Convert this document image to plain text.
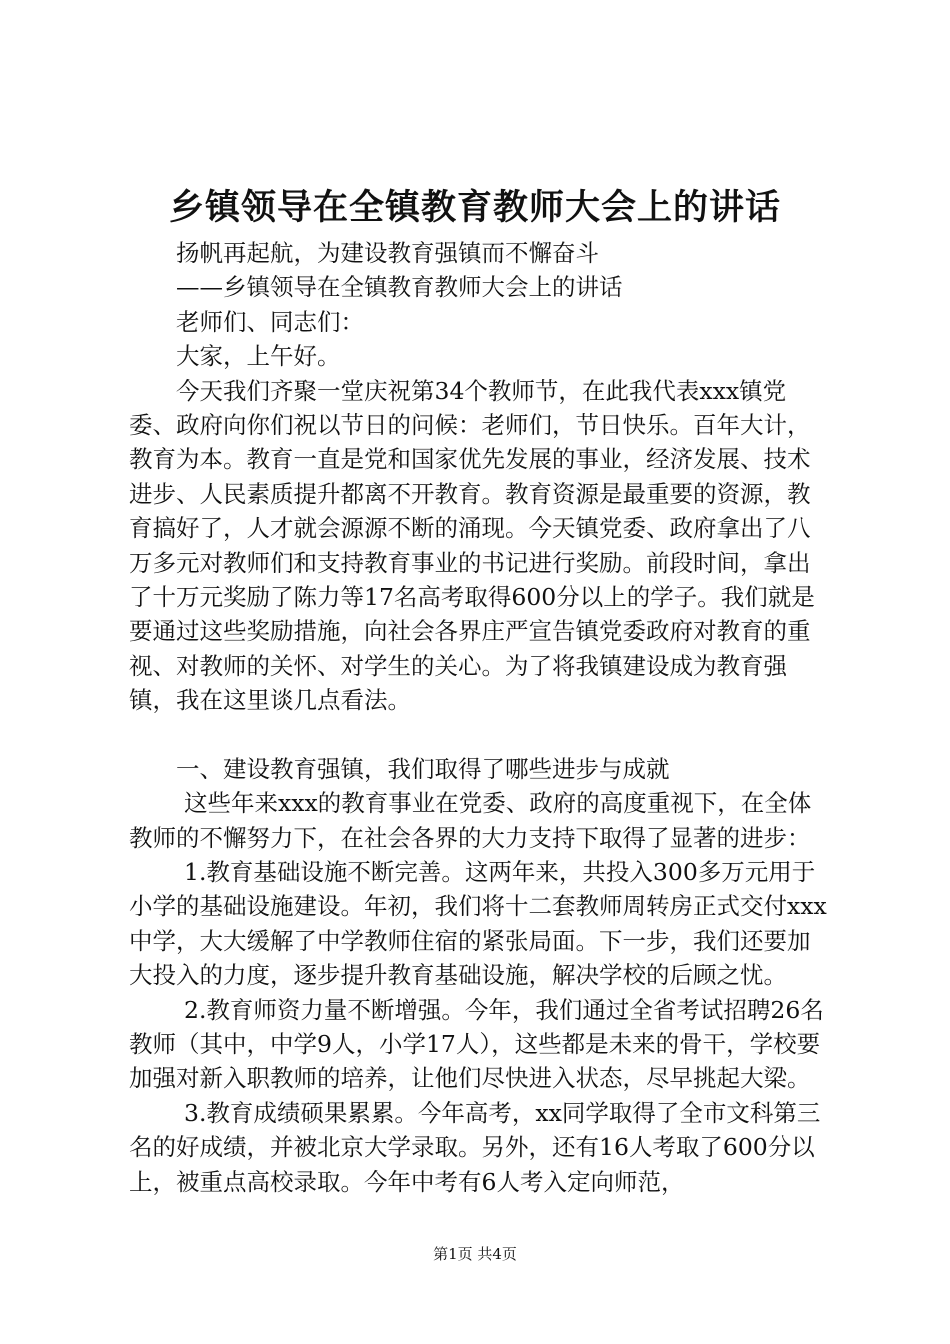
乡镇领导在全镇教育教师大会上的讲话

扬帆再起航，为建设教育强镇而不懈奋斗

——乡镇领导在全镇教育教师大会上的讲话

老师们、同志们：

大家，上午好。

今天我们齐聚一堂庆祝第34个教师节，在此我代表xxx镇党委、政府向你们祝以节日的问候：老师们，节日快乐。百年大计，教育为本。教育一直是党和国家优先发展的事业，经济发展、技术进步、人民素质提升都离不开教育。教育资源是最重要的资源，教育搞好了，人才就会源源不断的涌现。今天镇党委、政府拿出了八万多元对教师们和支持教育事业的书记进行奖励。前段时间，拿出了十万元奖励了陈力等17名高考取得600分以上的学子。我们就是要通过这些奖励措施，向社会各界庄严宣告镇党委政府对教育的重视、对教师的关怀、对学生的关心。为了将我镇建设成为教育强镇，我在这里谈几点看法。

一、建设教育强镇，我们取得了哪些进步与成就

这些年来xxx的教育事业在党委、政府的高度重视下，在全体教师的不懈努力下，在社会各界的大力支持下取得了显著的进步：

1.教育基础设施不断完善。这两年来，共投入300多万元用于小学的基础设施建设。年初，我们将十二套教师周转房正式交付xxx中学，大大缓解了中学教师住宿的紧张局面。下一步，我们还要加大投入的力度，逐步提升教育基础设施，解决学校的后顾之忧。

2.教育师资力量不断增强。今年，我们通过全省考试招聘26名教师（其中，中学9人，小学17人），这些都是未来的骨干，学校要加强对新入职教师的培养，让他们尽快进入状态，尽早挑起大梁。

3.教育成绩硕果累累。今年高考，xx同学取得了全市文科第三名的好成绩，并被北京大学录取。另外，还有16人考取了600分以上，被重点高校录取。今年中考有6人考入定向师范，

第1页 共4页
